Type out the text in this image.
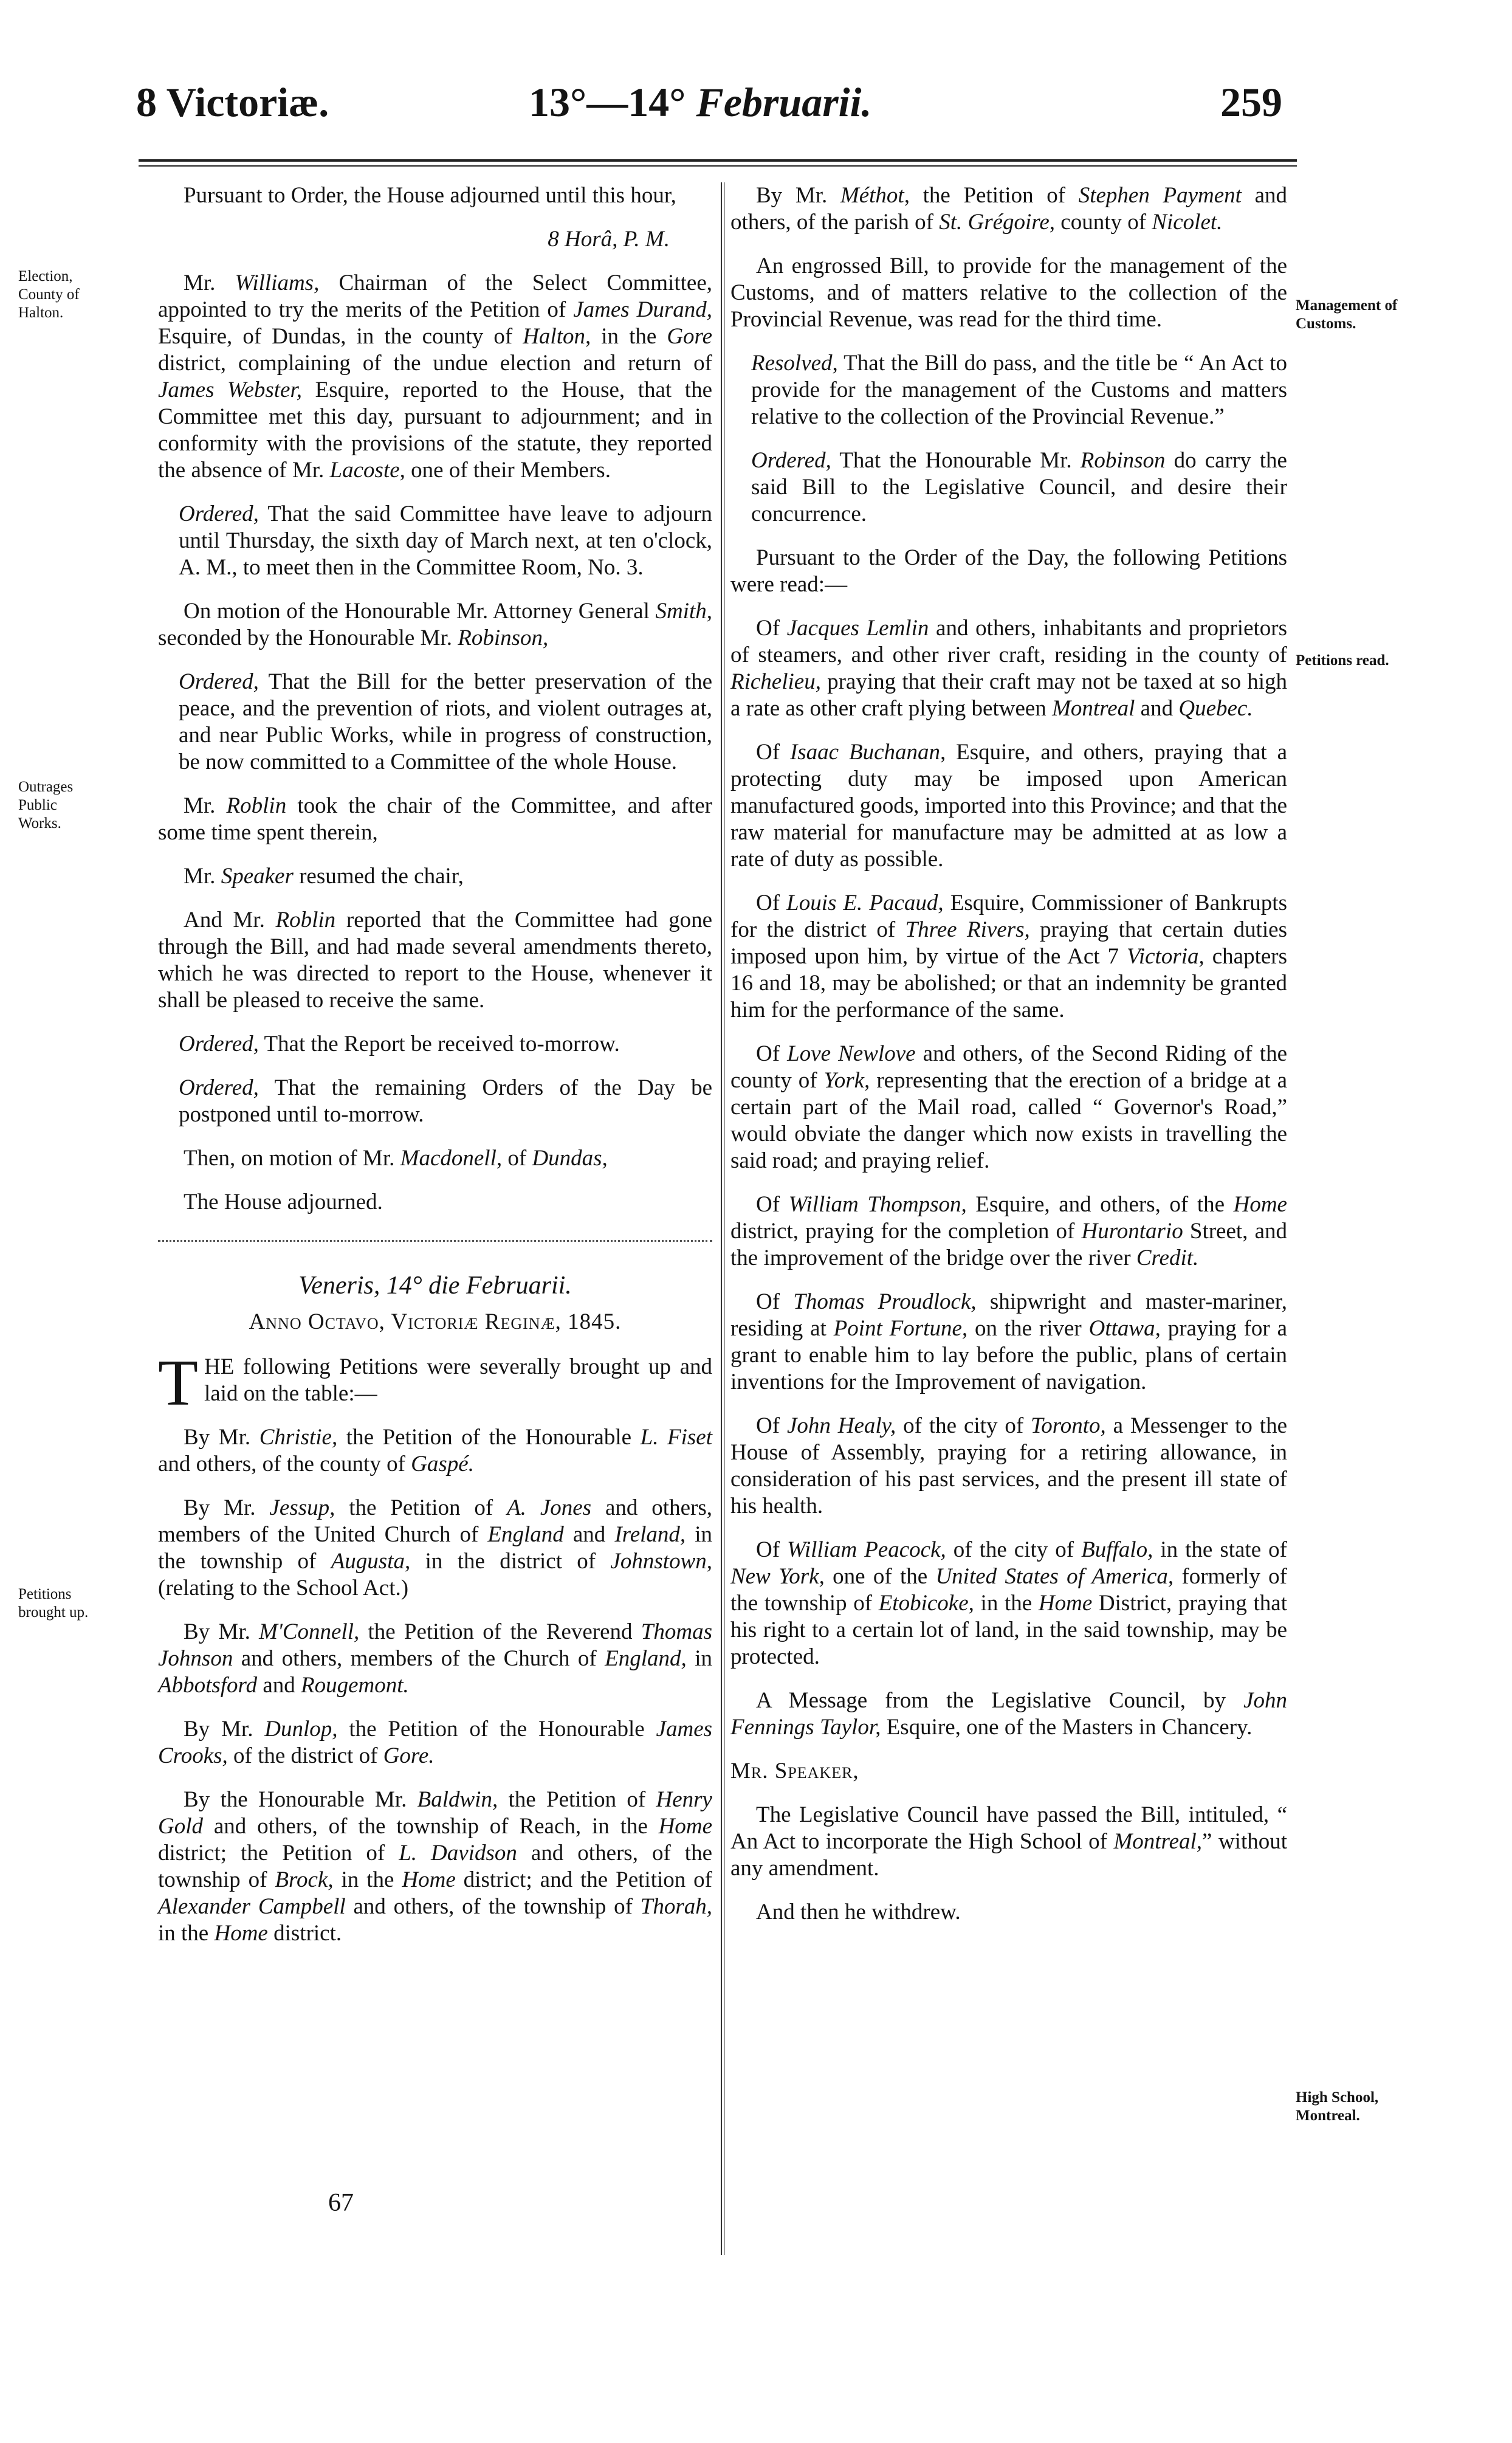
8 Victoriæ.	13°—14° Februarii.	259
Election, County of Halton.
Outrages Public Works.
Petitions brought up.
Management of Customs.
Petitions read.
High School, Montreal.

Pursuant to Order, the House adjourned until this hour,

8 Horâ, P. M.

Mr. Williams, Chairman of the Select Committee, appointed to try the merits of the Petition of James Durand, Esquire, of Dundas, in the county of Halton, in the Gore district, complaining of the undue election and return of James Webster, Esquire, reported to the House, that the Committee met this day, pursuant to adjournment; and in conformity with the provisions of the statute, they reported the absence of Mr. Lacoste, one of their Members.

Ordered, That the said Committee have leave to adjourn until Thursday, the sixth day of March next, at ten o'clock, A. M., to meet then in the Committee Room, No. 3.

On motion of the Honourable Mr. Attorney General Smith, seconded by the Honourable Mr. Robinson,

Ordered, That the Bill for the better preservation of the peace, and the prevention of riots, and violent outrages at, and near Public Works, while in progress of construction, be now committed to a Committee of the whole House.

Mr. Roblin took the chair of the Committee, and after some time spent therein,

Mr. Speaker resumed the chair,

And Mr. Roblin reported that the Committee had gone through the Bill, and had made several amendments thereto, which he was directed to report to the House, whenever it shall be pleased to receive the same.

Ordered, That the Report be received to-morrow.

Ordered, That the remaining Orders of the Day be postponed until to-morrow.

Then, on motion of Mr. Macdonell, of Dundas,

The House adjourned.

Veneris, 14° die Februarii.
Anno Octavo, Victoriæ Reginæ, 1845.

THE following Petitions were severally brought up and laid on the table:—

By Mr. Christie, the Petition of the Honourable L. Fiset and others, of the county of Gaspé.

By Mr. Jessup, the Petition of A. Jones and others, members of the United Church of England and Ireland, in the township of Augusta, in the district of Johnstown, (relating to the School Act.)

By Mr. M'Connell, the Petition of the Reverend Thomas Johnson and others, members of the Church of England, in Abbotsford and Rougemont.

By Mr. Dunlop, the Petition of the Honourable James Crooks, of the district of Gore.

By the Honourable Mr. Baldwin, the Petition of Henry Gold and others, of the township of Reach, in the Home district; the Petition of L. Davidson and others, of the township of Brock, in the Home district; and the Petition of Alexander Campbell and others, of the township of Thorah, in the Home district.

67

By Mr. Méthot, the Petition of Stephen Payment and others, of the parish of St. Grégoire, county of Nicolet.

An engrossed Bill, to provide for the management of the Customs, and of matters relative to the collection of the Provincial Revenue, was read for the third time.

Resolved, That the Bill do pass, and the title be “ An Act to provide for the management of the Customs and matters relative to the collection of the Provincial Revenue.”

Ordered, That the Honourable Mr. Robinson do carry the said Bill to the Legislative Council, and desire their concurrence.

Pursuant to the Order of the Day, the following Petitions were read:—

Of Jacques Lemlin and others, inhabitants and proprietors of steamers, and other river craft, residing in the county of Richelieu, praying that their craft may not be taxed at so high a rate as other craft plying between Montreal and Quebec.

Of Isaac Buchanan, Esquire, and others, praying that a protecting duty may be imposed upon American manufactured goods, imported into this Province; and that the raw material for manufacture may be admitted at as low a rate of duty as possible.

Of Louis E. Pacaud, Esquire, Commissioner of Bankrupts for the district of Three Rivers, praying that certain duties imposed upon him, by virtue of the Act 7 Victoria, chapters 16 and 18, may be abolished; or that an indemnity be granted him for the performance of the same.

Of Love Newlove and others, of the Second Riding of the county of York, representing that the erection of a bridge at a certain part of the Mail road, called “ Governor's Road,” would obviate the danger which now exists in travelling the said road; and praying relief.

Of William Thompson, Esquire, and others, of the Home district, praying for the completion of Hurontario Street, and the improvement of the bridge over the river Credit.

Of Thomas Proudlock, shipwright and master-mariner, residing at Point Fortune, on the river Ottawa, praying for a grant to enable him to lay before the public, plans of certain inventions for the Improvement of navigation.

Of John Healy, of the city of Toronto, a Messenger to the House of Assembly, praying for a retiring allowance, in consideration of his past services, and the present ill state of his health.

Of William Peacock, of the city of Buffalo, in the state of New York, one of the United States of America, formerly of the township of Etobicoke, in the Home District, praying that his right to a certain lot of land, in the said township, may be protected.

A Message from the Legislative Council, by John Fennings Taylor, Esquire, one of the Masters in Chancery.

Mr. Speaker,

The Legislative Council have passed the Bill, intituled, “ An Act to incorporate the High School of Montreal,” without any amendment.

And then he withdrew.
